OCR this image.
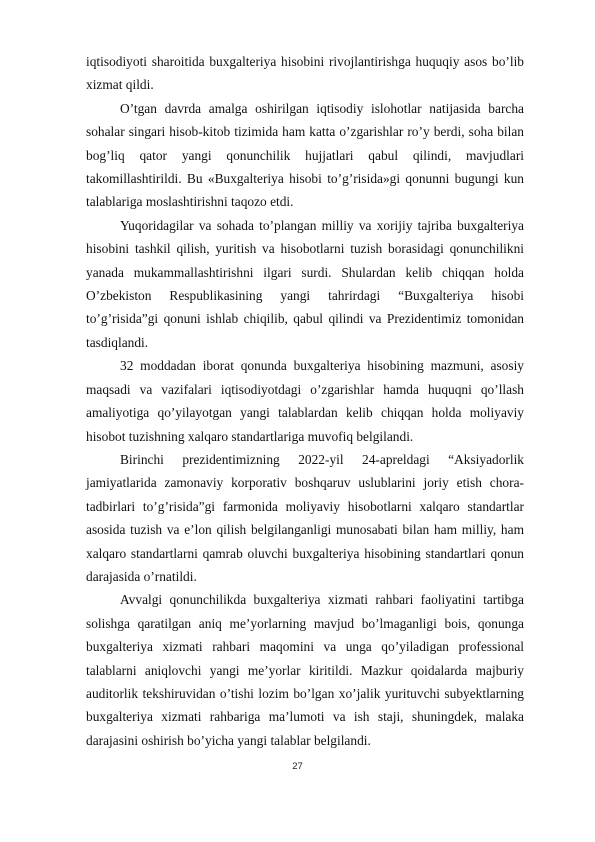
iqtisodiyoti sharoitida buxgalteriya hisobini rivojlantirishga huquqiy asos bo’lib xizmat qildi.

O’tgan davrda amalga oshirilgan iqtisodiy islohotlar natijasida barcha sohalar singari hisob-kitob tizimida ham katta o’zgarishlar ro’y berdi, soha bilan bog’liq qator yangi qonunchilik hujjatlari qabul qilindi, mavjudlari takomillashtirildi. Bu «Buxgalteriya hisobi to’g’risida»gi qonunni bugungi kun talablariga moslashtirishni taqozo etdi.

Yuqoridagilar va sohada to’plangan milliy va xorijiy tajriba buxgalteriya hisobini tashkil qilish, yuritish va hisobotlarni tuzish borasidagi qonunchilikni yanada mukammallashtirishni ilgari surdi. Shulardan kelib chiqqan holda O’zbekiston Respublikasining yangi tahrirdagi “Buxgalteriya hisobi to’g’risida”gi qonuni ishlab chiqilib, qabul qilindi va Prezidentimiz tomonidan tasdiqlandi.

32 moddadan iborat qonunda buxgalteriya hisobining mazmuni, asosiy maqsadi va vazifalari iqtisodiyotdagi o’zgarishlar hamda huquqni qo’llash amaliyotiga qo’yilayotgan yangi talablardan kelib chiqqan holda moliyaviy hisobot tuzishning xalqaro standartlariga muvofiq belgilandi.

Birinchi prezidentimizning 2022-yil 24-apreldagi “Aksiyadorlik jamiyatlarida zamonaviy korporativ boshqaruv uslublarini joriy etish chora-tadbirlari to’g’risida”gi farmonida moliyaviy hisobotlarni xalqaro standartlar asosida tuzish va e’lon qilish belgilanganligi munosabati bilan ham milliy, ham xalqaro standartlarni qamrab oluvchi buxgalteriya hisobining standartlari qonun darajasida o’rnatildi.

Avvalgi qonunchilikda buxgalteriya xizmati rahbari faoliyatini tartibga solishga qaratilgan aniq me’yorlarning mavjud bo’lmaganligi bois, qonunga buxgalteriya xizmati rahbari maqomini va unga qo’yiladigan professional talablarni aniqlovchi yangi me’yorlar kiritildi. Mazkur qoidalarda majburiy auditorlik tekshiruvidan o’tishi lozim bo’lgan xo’jalik yurituvchi subyektlarning buxgalteriya xizmati rahbariga ma’lumoti va ish staji, shuningdek, malaka darajasini oshirish bo’yicha yangi talablar belgilandi.

27
